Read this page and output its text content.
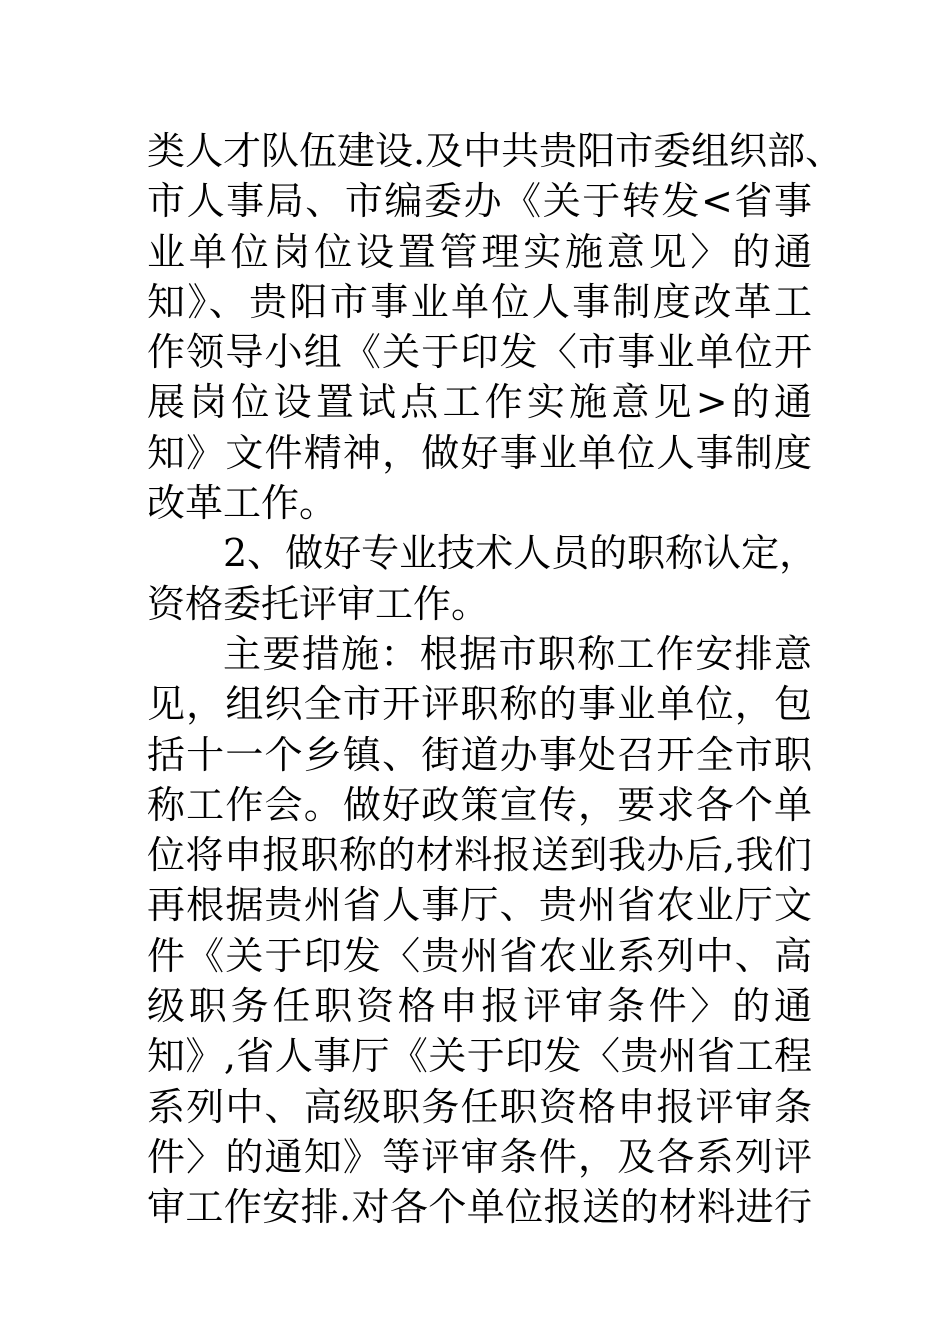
类人才队伍建设.及中共贵阳市委组织部、
市人事局、市编委办《关于转发<省事
业单位岗位设置管理实施意见〉的通
知》、贵阳市事业单位人事制度改革工
作领导小组《关于印发〈市事业单位开
展岗位设置试点工作实施意见>的通
知》文件精神，做好事业单位人事制度
改革工作。
2、做好专业技术人员的职称认定，
资格委托评审工作。
主要措施：根据市职称工作安排意
见，组织全市开评职称的事业单位，包
括十一个乡镇、街道办事处召开全市职
称工作会。做好政策宣传，要求各个单
位将申报职称的材料报送到我办后,我们
再根据贵州省人事厅、贵州省农业厅文
件《关于印发〈贵州省农业系列中、高
级职务任职资格申报评审条件〉的通
知》,省人事厅《关于印发〈贵州省工程
系列中、高级职务任职资格申报评审条
件〉的通知》等评审条件，及各系列评
审工作安排.对各个单位报送的材料进行
